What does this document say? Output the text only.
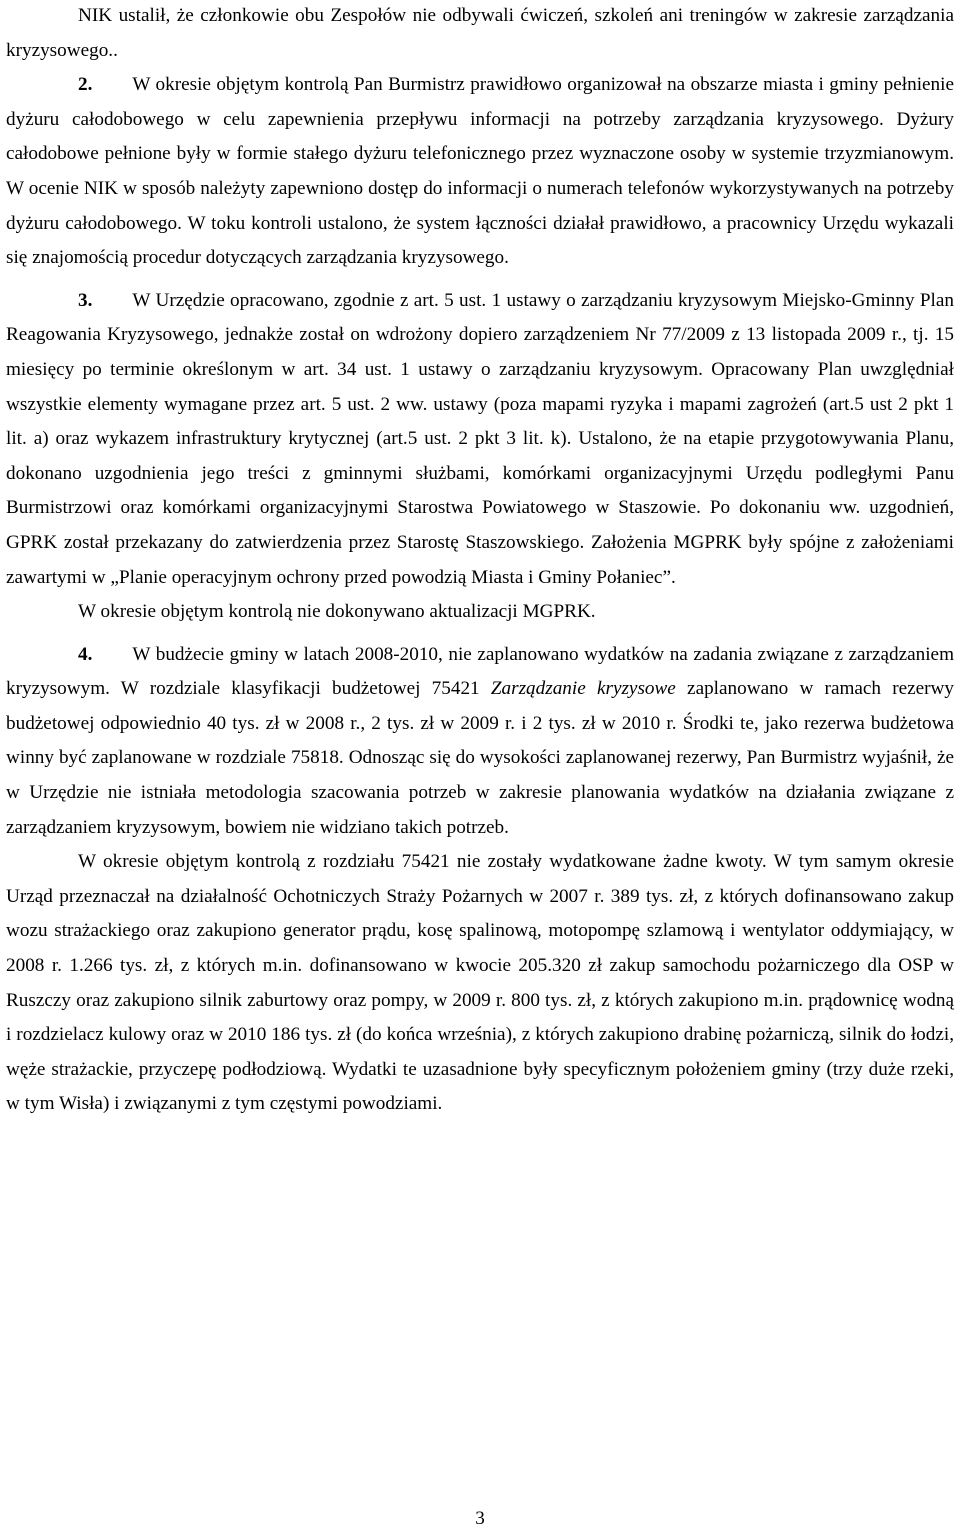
NIK ustalił, że członkowie obu Zespołów nie odbywali ćwiczeń, szkoleń ani treningów w zakresie zarządzania kryzysowego..

2. W okresie objętym kontrolą Pan Burmistrz prawidłowo organizował na obszarze miasta i gminy pełnienie dyżuru całodobowego w celu zapewnienia przepływu informacji na potrzeby zarządzania kryzysowego. Dyżury całodobowe pełnione były w formie stałego dyżuru telefonicznego przez wyznaczone osoby w systemie trzyzmianowym. W ocenie NIK w sposób należyty zapewniono dostęp do informacji o numerach telefonów wykorzystywanych na potrzeby dyżuru całodobowego. W toku kontroli ustalono, że system łączności działał prawidłowo, a pracownicy Urzędu wykazali się znajomością procedur dotyczących zarządzania kryzysowego.

3. W Urzędzie opracowano, zgodnie z art. 5 ust. 1 ustawy o zarządzaniu kryzysowym Miejsko-Gminny Plan Reagowania Kryzysowego, jednakże został on wdrożony dopiero zarządzeniem Nr 77/2009 z 13 listopada 2009 r., tj. 15 miesięcy po terminie określonym w art. 34 ust. 1 ustawy o zarządzaniu kryzysowym. Opracowany Plan uwzględniał wszystkie elementy wymagane przez art. 5 ust. 2 ww. ustawy (poza mapami ryzyka i mapami zagrożeń (art.5 ust 2 pkt 1 lit. a) oraz wykazem infrastruktury krytycznej (art.5 ust. 2 pkt 3 lit. k). Ustalono, że na etapie przygotowywania Planu, dokonano uzgodnienia jego treści z gminnymi służbami, komórkami organizacyjnymi Urzędu podległymi Panu Burmistrzowi oraz komórkami organizacyjnymi Starostwa Powiatowego w Staszowie. Po dokonaniu ww. uzgodnień, GPRK został przekazany do zatwierdzenia przez Starostę Staszowskiego. Założenia MGPRK były spójne z założeniami zawartymi w „Planie operacyjnym ochrony przed powodzią Miasta i Gminy Połaniec”.

W okresie objętym kontrolą nie dokonywano aktualizacji MGPRK.

4. W budżecie gminy w latach 2008-2010, nie zaplanowano wydatków na zadania związane z zarządzaniem kryzysowym. W rozdziale klasyfikacji budżetowej 75421 Zarządzanie kryzysowe zaplanowano w ramach rezerwy budżetowej odpowiednio 40 tys. zł w 2008 r., 2 tys. zł w 2009 r. i 2 tys. zł w 2010 r. Środki te, jako rezerwa budżetowa winny być zaplanowane w rozdziale 75818. Odnosząc się do wysokości zaplanowanej rezerwy, Pan Burmistrz wyjaśnił, że w Urzędzie nie istniała metodologia szacowania potrzeb w zakresie planowania wydatków na działania związane z zarządzaniem kryzysowym, bowiem nie widziano takich potrzeb.

W okresie objętym kontrolą z rozdziału 75421 nie zostały wydatkowane żadne kwoty. W tym samym okresie Urząd przeznaczał na działalność Ochotniczych Straży Pożarnych w 2007 r. 389 tys. zł, z których dofinansowano zakup wozu strażackiego oraz zakupiono generator prądu, kosę spalinową, motopompę szlamową i wentylator oddymiający, w 2008 r. 1.266 tys. zł, z których m.in. dofinansowano w kwocie 205.320 zł zakup samochodu pożarniczego dla OSP w Ruszczy oraz zakupiono silnik zaburtowy oraz pompy, w 2009 r. 800 tys. zł, z których zakupiono m.in. prądownicę wodną i rozdzielacz kulowy oraz w 2010 186 tys. zł (do końca września), z których zakupiono drabinę pożarniczą, silnik do łodzi, węże strażackie, przyczepę podłodziową. Wydatki te uzasadnione były specyficznym położeniem gminy (trzy duże rzeki, w tym Wisła) i związanymi z tym częstymi powodziami.

3
